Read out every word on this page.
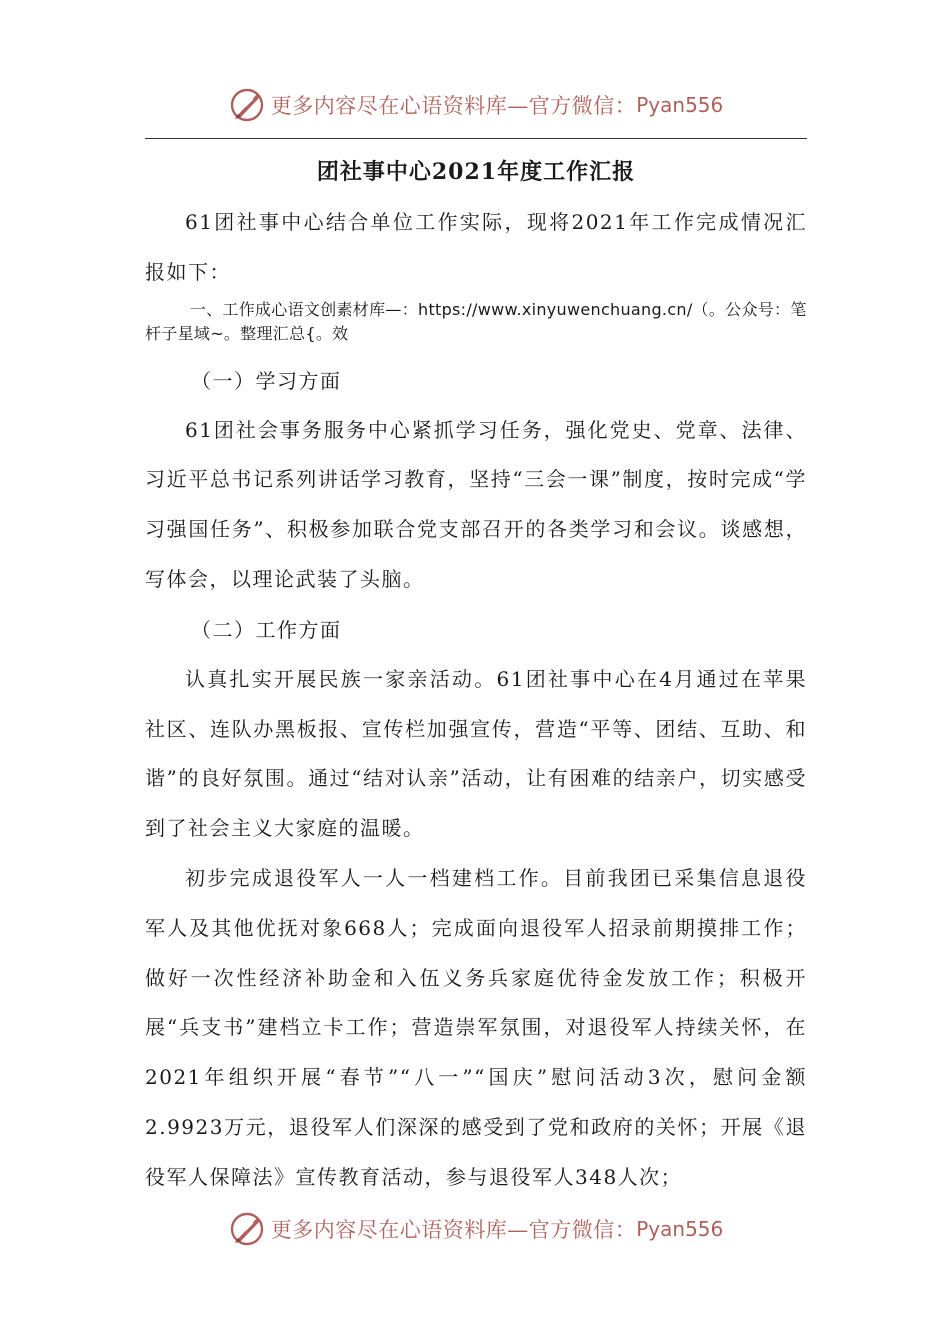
更多内容尽在心语资料库—官方微信： Pyan556
团社事中心2021年度工作汇报

61团社事中心结合单位工作实际，现将2021年工作完成情况汇报如下：

一、工作成心语文创素材库—：https://www.xinyuwenchuang.cn/（。公众号：笔杆子星域~。整理汇总{。效

（一）学习方面

61团社会事务服务中心紧抓学习任务，强化党史、党章、法律、习近平总书记系列讲话学习教育，坚持“三会一课”制度，按时完成“学习强国任务”、积极参加联合党支部召开的各类学习和会议。谈感想，写体会，以理论武装了头脑。

（二）工作方面

认真扎实开展民族一家亲活动。61团社事中心在4月通过在苹果社区、连队办黑板报、宣传栏加强宣传，营造“平等、团结、互助、和谐”的良好氛围。通过“结对认亲”活动，让有困难的结亲户，切实感受到了社会主义大家庭的温暖。

初步完成退役军人一人一档建档工作。目前我团已采集信息退役军人及其他优抚对象668人；完成面向退役军人招录前期摸排工作；做好一次性经济补助金和入伍义务兵家庭优待金发放工作；积极开展“兵支书”建档立卡工作；营造崇军氛围，对退役军人持续关怀，在2021年组织开展“春节”“八一”“国庆”慰问活动3次，慰问金额2.9923万元，退役军人们深深的感受到了党和政府的关怀；开展《退役军人保障法》宣传教育活动，参与退役军人348人次；

更多内容尽在心语资料库—官方微信： Pyan556
